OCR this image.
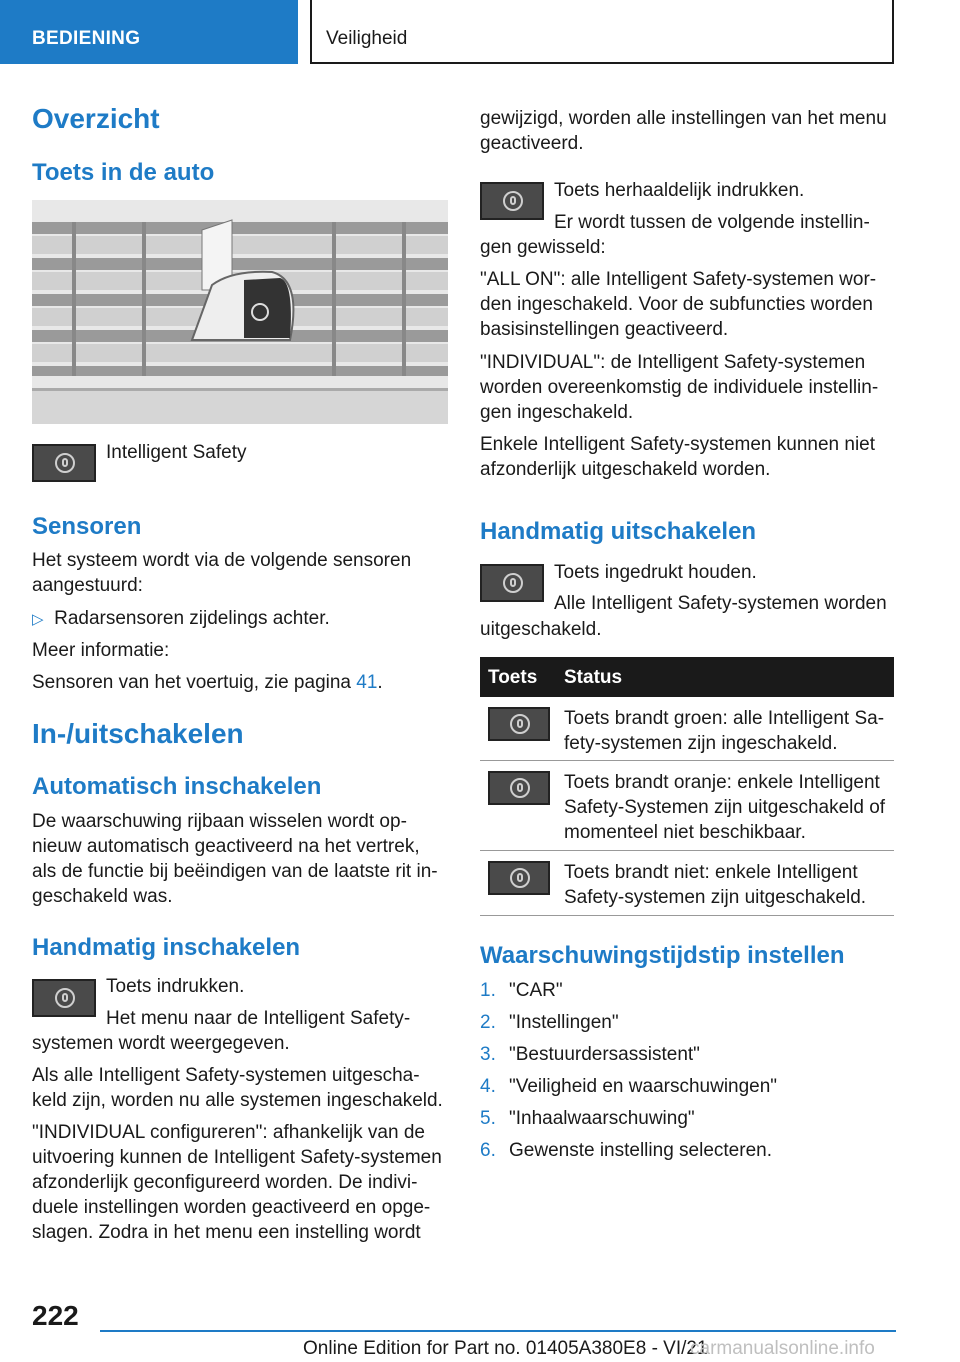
BEDIENING	Veiligheid
Overzicht
Toets in de auto
Intelligent Safety
Sensoren
Het systeem wordt via de volgende sensoren
aangestuurd:
▷ Radarsensoren zijdelings achter.
Meer informatie:
Sensoren van het voertuig, zie pagina 41.
In-/uitschakelen
Automatisch inschakelen
De waarschuwing rijbaan wisselen wordt op-
nieuw automatisch geactiveerd na het vertrek,
als de functie bij beëindigen van de laatste rit in-
geschakeld was.
Handmatig inschakelen
Toets indrukken.
Het menu naar de Intelligent Safety-
systemen wordt weergegeven.
Als alle Intelligent Safety-systemen uitgescha-
keld zijn, worden nu alle systemen ingeschakeld.
"INDIVIDUAL configureren": afhankelijk van de
uitvoering kunnen de Intelligent Safety-systemen
afzonderlijk geconfigureerd worden. De indivi-
duele instellingen worden geactiveerd en opge-
slagen. Zodra in het menu een instelling wordt
gewijzigd, worden alle instellingen van het menu
geactiveerd.
Toets herhaaldelijk indrukken.
Er wordt tussen de volgende instellin-
gen gewisseld:
"ALL ON": alle Intelligent Safety-systemen wor-
den ingeschakeld. Voor de subfuncties worden
basisinstellingen geactiveerd.
"INDIVIDUAL": de Intelligent Safety-systemen
worden overeenkomstig de individuele instellin-
gen ingeschakeld.
Enkele Intelligent Safety-systemen kunnen niet
afzonderlijk uitgeschakeld worden.
Handmatig uitschakelen
Toets ingedrukt houden.
Alle Intelligent Safety-systemen worden
uitgeschakeld.
Toets Status
Toets brandt groen: alle Intelligent Sa-
fety-systemen zijn ingeschakeld.
Toets brandt oranje: enkele Intelligent
Safety-Systemen zijn uitgeschakeld of
momenteel niet beschikbaar.
Toets brandt niet: enkele Intelligent
Safety-systemen zijn uitgeschakeld.
Waarschuwingstijdstip instellen
1. "CAR"
2. "Instellingen"
3. "Bestuurdersassistent"
4. "Veiligheid en waarschuwingen"
5. "Inhaalwaarschuwing"
6. Gewenste instelling selecteren.
222
Online Edition for Part no. 01405A380E8 - VI/21
carmanualsonline.info
